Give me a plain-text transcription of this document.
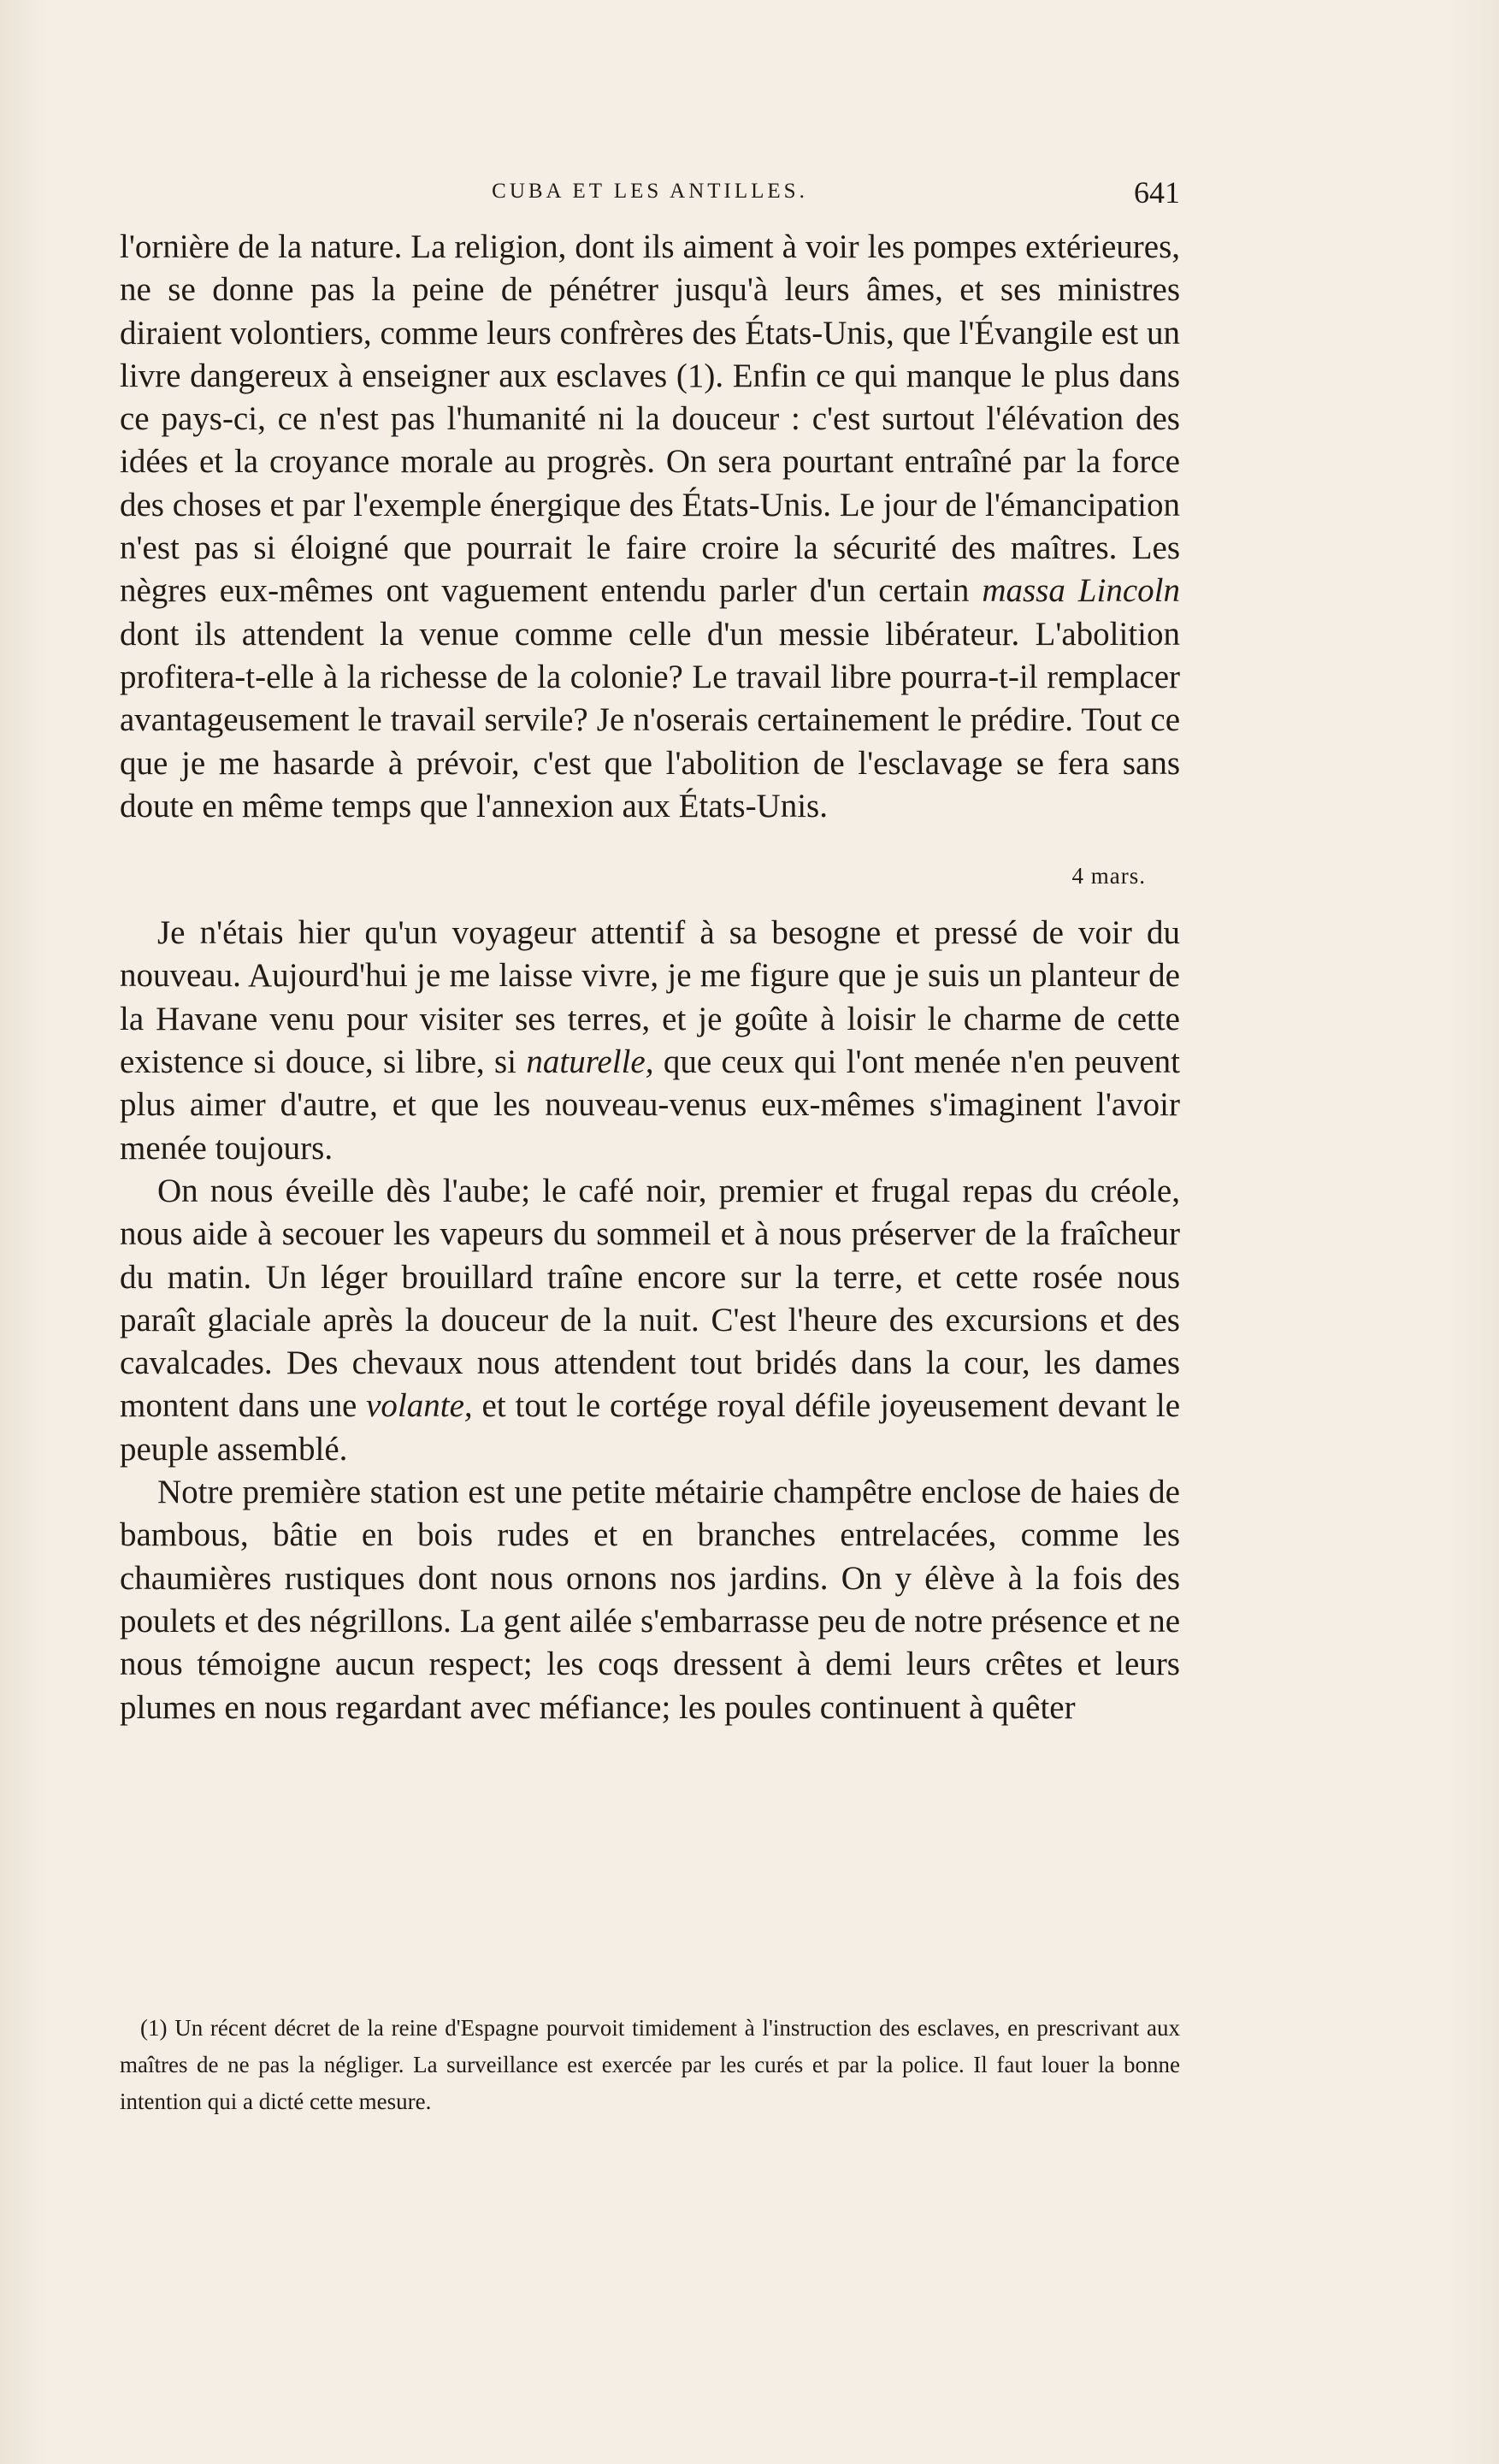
CUBA ET LES ANTILLES.	641

l'ornière de la nature. La religion, dont ils aiment à voir les pompes extérieures, ne se donne pas la peine de pénétrer jusqu'à leurs âmes, et ses ministres diraient volontiers, comme leurs confrères des États-Unis, que l'Évangile est un livre dangereux à enseigner aux esclaves (1). Enfin ce qui manque le plus dans ce pays-ci, ce n'est pas l'humanité ni la douceur : c'est surtout l'élévation des idées et la croyance morale au progrès. On sera pourtant entraîné par la force des choses et par l'exemple énergique des États-Unis. Le jour de l'émancipation n'est pas si éloigné que pourrait le faire croire la sécurité des maîtres. Les nègres eux-mêmes ont vaguement entendu parler d'un certain massa Lincoln dont ils attendent la venue comme celle d'un messie libérateur. L'abolition profitera-t-elle à la richesse de la colonie? Le travail libre pourra-t-il remplacer avantageusement le travail servile? Je n'oserais certainement le prédire. Tout ce que je me hasarde à prévoir, c'est que l'abolition de l'esclavage se fera sans doute en même temps que l'annexion aux États-Unis.

4 mars.

Je n'étais hier qu'un voyageur attentif à sa besogne et pressé de voir du nouveau. Aujourd'hui je me laisse vivre, je me figure que je suis un planteur de la Havane venu pour visiter ses terres, et je goûte à loisir le charme de cette existence si douce, si libre, si naturelle, que ceux qui l'ont menée n'en peuvent plus aimer d'autre, et que les nouveau-venus eux-mêmes s'imaginent l'avoir menée toujours.

On nous éveille dès l'aube; le café noir, premier et frugal repas du créole, nous aide à secouer les vapeurs du sommeil et à nous préserver de la fraîcheur du matin. Un léger brouillard traîne encore sur la terre, et cette rosée nous paraît glaciale après la douceur de la nuit. C'est l'heure des excursions et des cavalcades. Des chevaux nous attendent tout bridés dans la cour, les dames montent dans une volante, et tout le cortége royal défile joyeusement devant le peuple assemblé.

Notre première station est une petite métairie champêtre enclose de haies de bambous, bâtie en bois rudes et en branches entrelacées, comme les chaumières rustiques dont nous ornons nos jardins. On y élève à la fois des poulets et des négrillons. La gent ailée s'embarrasse peu de notre présence et ne nous témoigne aucun respect; les coqs dressent à demi leurs crêtes et leurs plumes en nous regardant avec méfiance; les poules continuent à quêter

(1) Un récent décret de la reine d'Espagne pourvoit timidement à l'instruction des esclaves, en prescrivant aux maîtres de ne pas la négliger. La surveillance est exercée par les curés et par la police. Il faut louer la bonne intention qui a dicté cette mesure.
